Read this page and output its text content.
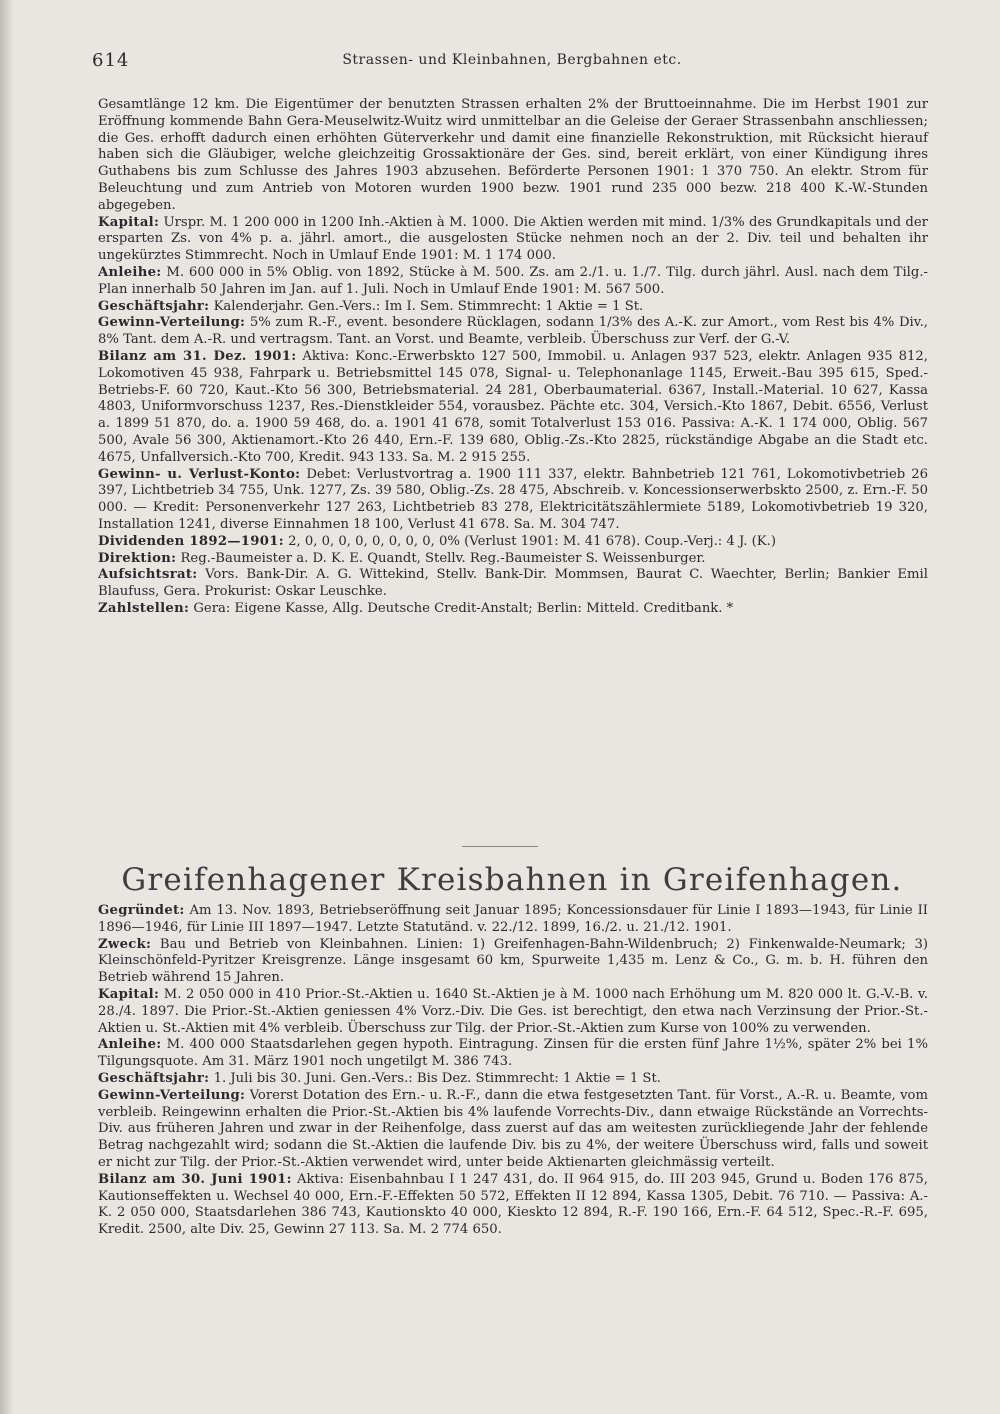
614	Strassen- und Kleinbahnen, Bergbahnen etc.
Gesamtlänge 12 km. Die Eigentümer der benutzten Strassen erhalten 2% der Bruttoeinnahme. Die im Herbst 1901 zur Eröffnung kommende Bahn Gera-Meuselwitz-Wuitz wird unmittelbar an die Geleise der Geraer Strassenbahn anschliessen; die Ges. erhofft dadurch einen erhöhten Güterverkehr und damit eine finanzielle Rekonstruktion, mit Rücksicht hierauf haben sich die Gläubiger, welche gleichzeitig Grossaktionäre der Ges. sind, bereit erklärt, von einer Kündigung ihres Guthabens bis zum Schlusse des Jahres 1903 abzusehen. Beförderte Personen 1901: 1 370 750. An elektr. Strom für Beleuchtung und zum Antrieb von Motoren wurden 1900 bezw. 1901 rund 235 000 bezw. 218 400 K.-W.-Stunden abgegeben.
Kapital: Urspr. M. 1 200 000 in 1200 Inh.-Aktien à M. 1000. Die Aktien werden mit mind. 1/3% des Grundkapitals und der ersparten Zs. von 4% p. a. jährl. amort., die ausgelosten Stücke nehmen noch an der 2. Div. teil und behalten ihr ungekürztes Stimmrecht. Noch in Umlauf Ende 1901: M. 1 174 000.
Anleihe: M. 600 000 in 5% Oblig. von 1892, Stücke à M. 500. Zs. am 2./1. u. 1./7. Tilg. durch jährl. Ausl. nach dem Tilg.-Plan innerhalb 50 Jahren im Jan. auf 1. Juli. Noch in Umlauf Ende 1901: M. 567 500.
Geschäftsjahr: Kalenderjahr. Gen.-Vers.: Im I. Sem. Stimmrecht: 1 Aktie = 1 St.
Gewinn-Verteilung: 5% zum R.-F., event. besondere Rücklagen, sodann 1/3% des A.-K. zur Amort., vom Rest bis 4% Div., 8% Tant. dem A.-R. und vertragsm. Tant. an Vorst. und Beamte, verbleib. Überschuss zur Verf. der G.-V.
Bilanz am 31. Dez. 1901: Aktiva: Konc.-Erwerbskto 127 500, Immobil. u. Anlagen 937 523, elektr. Anlagen 935 812, Lokomotiven 45 938, Fahrpark u. Betriebsmittel 145 078, Signal- u. Telephonanlage 1145, Erweit.-Bau 395 615, Sped.-Betriebs-F. 60 720, Kaut.-Kto 56 300, Betriebsmaterial. 24 281, Oberbaumaterial. 6367, Install.-Material. 10 627, Kassa 4803, Uniformvorschuss 1237, Res.-Dienstkleider 554, vorausbez. Pächte etc. 304, Versich.-Kto 1867, Debit. 6556, Verlust a. 1899 51 870, do. a. 1900 59 468, do. a. 1901 41 678, somit Totalverlust 153 016. Passiva: A.-K. 1 174 000, Oblig. 567 500, Avale 56 300, Aktienamort.-Kto 26 440, Ern.-F. 139 680, Oblig.-Zs.-Kto 2825, rückständige Abgabe an die Stadt etc. 4675, Unfallversich.-Kto 700, Kredit. 943 133. Sa. M. 2 915 255.
Gewinn- u. Verlust-Konto: Debet: Verlustvortrag a. 1900 111 337, elektr. Bahnbetrieb 121 761, Lokomotivbetrieb 26 397, Lichtbetrieb 34 755, Unk. 1277, Zs. 39 580, Oblig.-Zs. 28 475, Abschreib. v. Koncessionserwerbskto 2500, z. Ern.-F. 50 000. — Kredit: Personenverkehr 127 263, Lichtbetrieb 83 278, Elektricitätszählermiete 5189, Lokomotivbetrieb 19 320, Installation 1241, diverse Einnahmen 18 100, Verlust 41 678. Sa. M. 304 747.
Dividenden 1892—1901: 2, 0, 0, 0, 0, 0, 0, 0, 0, 0% (Verlust 1901: M. 41 678). Coup.-Verj.: 4 J. (K.)
Direktion: Reg.-Baumeister a. D. K. E. Quandt, Stellv. Reg.-Baumeister S. Weissenburger.
Aufsichtsrat: Vors. Bank-Dir. A. G. Wittekind, Stellv. Bank-Dir. Mommsen, Baurat C. Waechter, Berlin; Bankier Emil Blaufuss, Gera. Prokurist: Oskar Leuschke.
Zahlstellen: Gera: Eigene Kasse, Allg. Deutsche Credit-Anstalt; Berlin: Mitteld. Creditbank. *
Greifenhagener Kreisbahnen in Greifenhagen.
Gegründet: Am 13. Nov. 1893, Betriebseröffnung seit Januar 1895; Koncessionsdauer für Linie I 1893—1943, für Linie II 1896—1946, für Linie III 1897—1947. Letzte Statutänd. v. 22./12. 1899, 16./2. u. 21./12. 1901.
Zweck: Bau und Betrieb von Kleinbahnen. Linien: 1) Greifenhagen-Bahn-Wildenbruch; 2) Finkenwalde-Neumark; 3) Kleinschönfeld-Pyritzer Kreisgrenze. Länge insgesamt 60 km, Spurweite 1,435 m. Lenz & Co., G. m. b. H. führen den Betrieb während 15 Jahren.
Kapital: M. 2 050 000 in 410 Prior.-St.-Aktien u. 1640 St.-Aktien je à M. 1000 nach Erhöhung um M. 820 000 lt. G.-V.-B. v. 28./4. 1897. Die Prior.-St.-Aktien geniessen 4% Vorz.-Div. Die Ges. ist berechtigt, den etwa nach Verzinsung der Prior.-St.-Aktien u. St.-Aktien mit 4% verbleib. Überschuss zur Tilg. der Prior.-St.-Aktien zum Kurse von 100% zu verwenden.
Anleihe: M. 400 000 Staatsdarlehen gegen hypoth. Eintragung. Zinsen für die ersten fünf Jahre 1½%, später 2% bei 1% Tilgungsquote. Am 31. März 1901 noch ungetilgt M. 386 743.
Geschäftsjahr: 1. Juli bis 30. Juni. Gen.-Vers.: Bis Dez. Stimmrecht: 1 Aktie = 1 St.
Gewinn-Verteilung: Vorerst Dotation des Ern.- u. R.-F., dann die etwa festgesetzten Tant. für Vorst., A.-R. u. Beamte, vom verbleib. Reingewinn erhalten die Prior.-St.-Aktien bis 4% laufende Vorrechts-Div., dann etwaige Rückstände an Vorrechts-Div. aus früheren Jahren und zwar in der Reihenfolge, dass zuerst auf das am weitesten zurückliegende Jahr der fehlende Betrag nachgezahlt wird; sodann die St.-Aktien die laufende Div. bis zu 4%, der weitere Überschuss wird, falls und soweit er nicht zur Tilg. der Prior.-St.-Aktien verwendet wird, unter beide Aktienarten gleichmässig verteilt.
Bilanz am 30. Juni 1901: Aktiva: Eisenbahnbau I 1 247 431, do. II 964 915, do. III 203 945, Grund u. Boden 176 875, Kautionseffekten u. Wechsel 40 000, Ern.-F.-Effekten 50 572, Effekten II 12 894, Kassa 1305, Debit. 76 710. — Passiva: A.-K. 2 050 000, Staatsdarlehen 386 743, Kautionskto 40 000, Kieskto 12 894, R.-F. 190 166, Ern.-F. 64 512, Spec.-R.-F. 695, Kredit. 2500, alte Div. 25, Gewinn 27 113. Sa. M. 2 774 650.
